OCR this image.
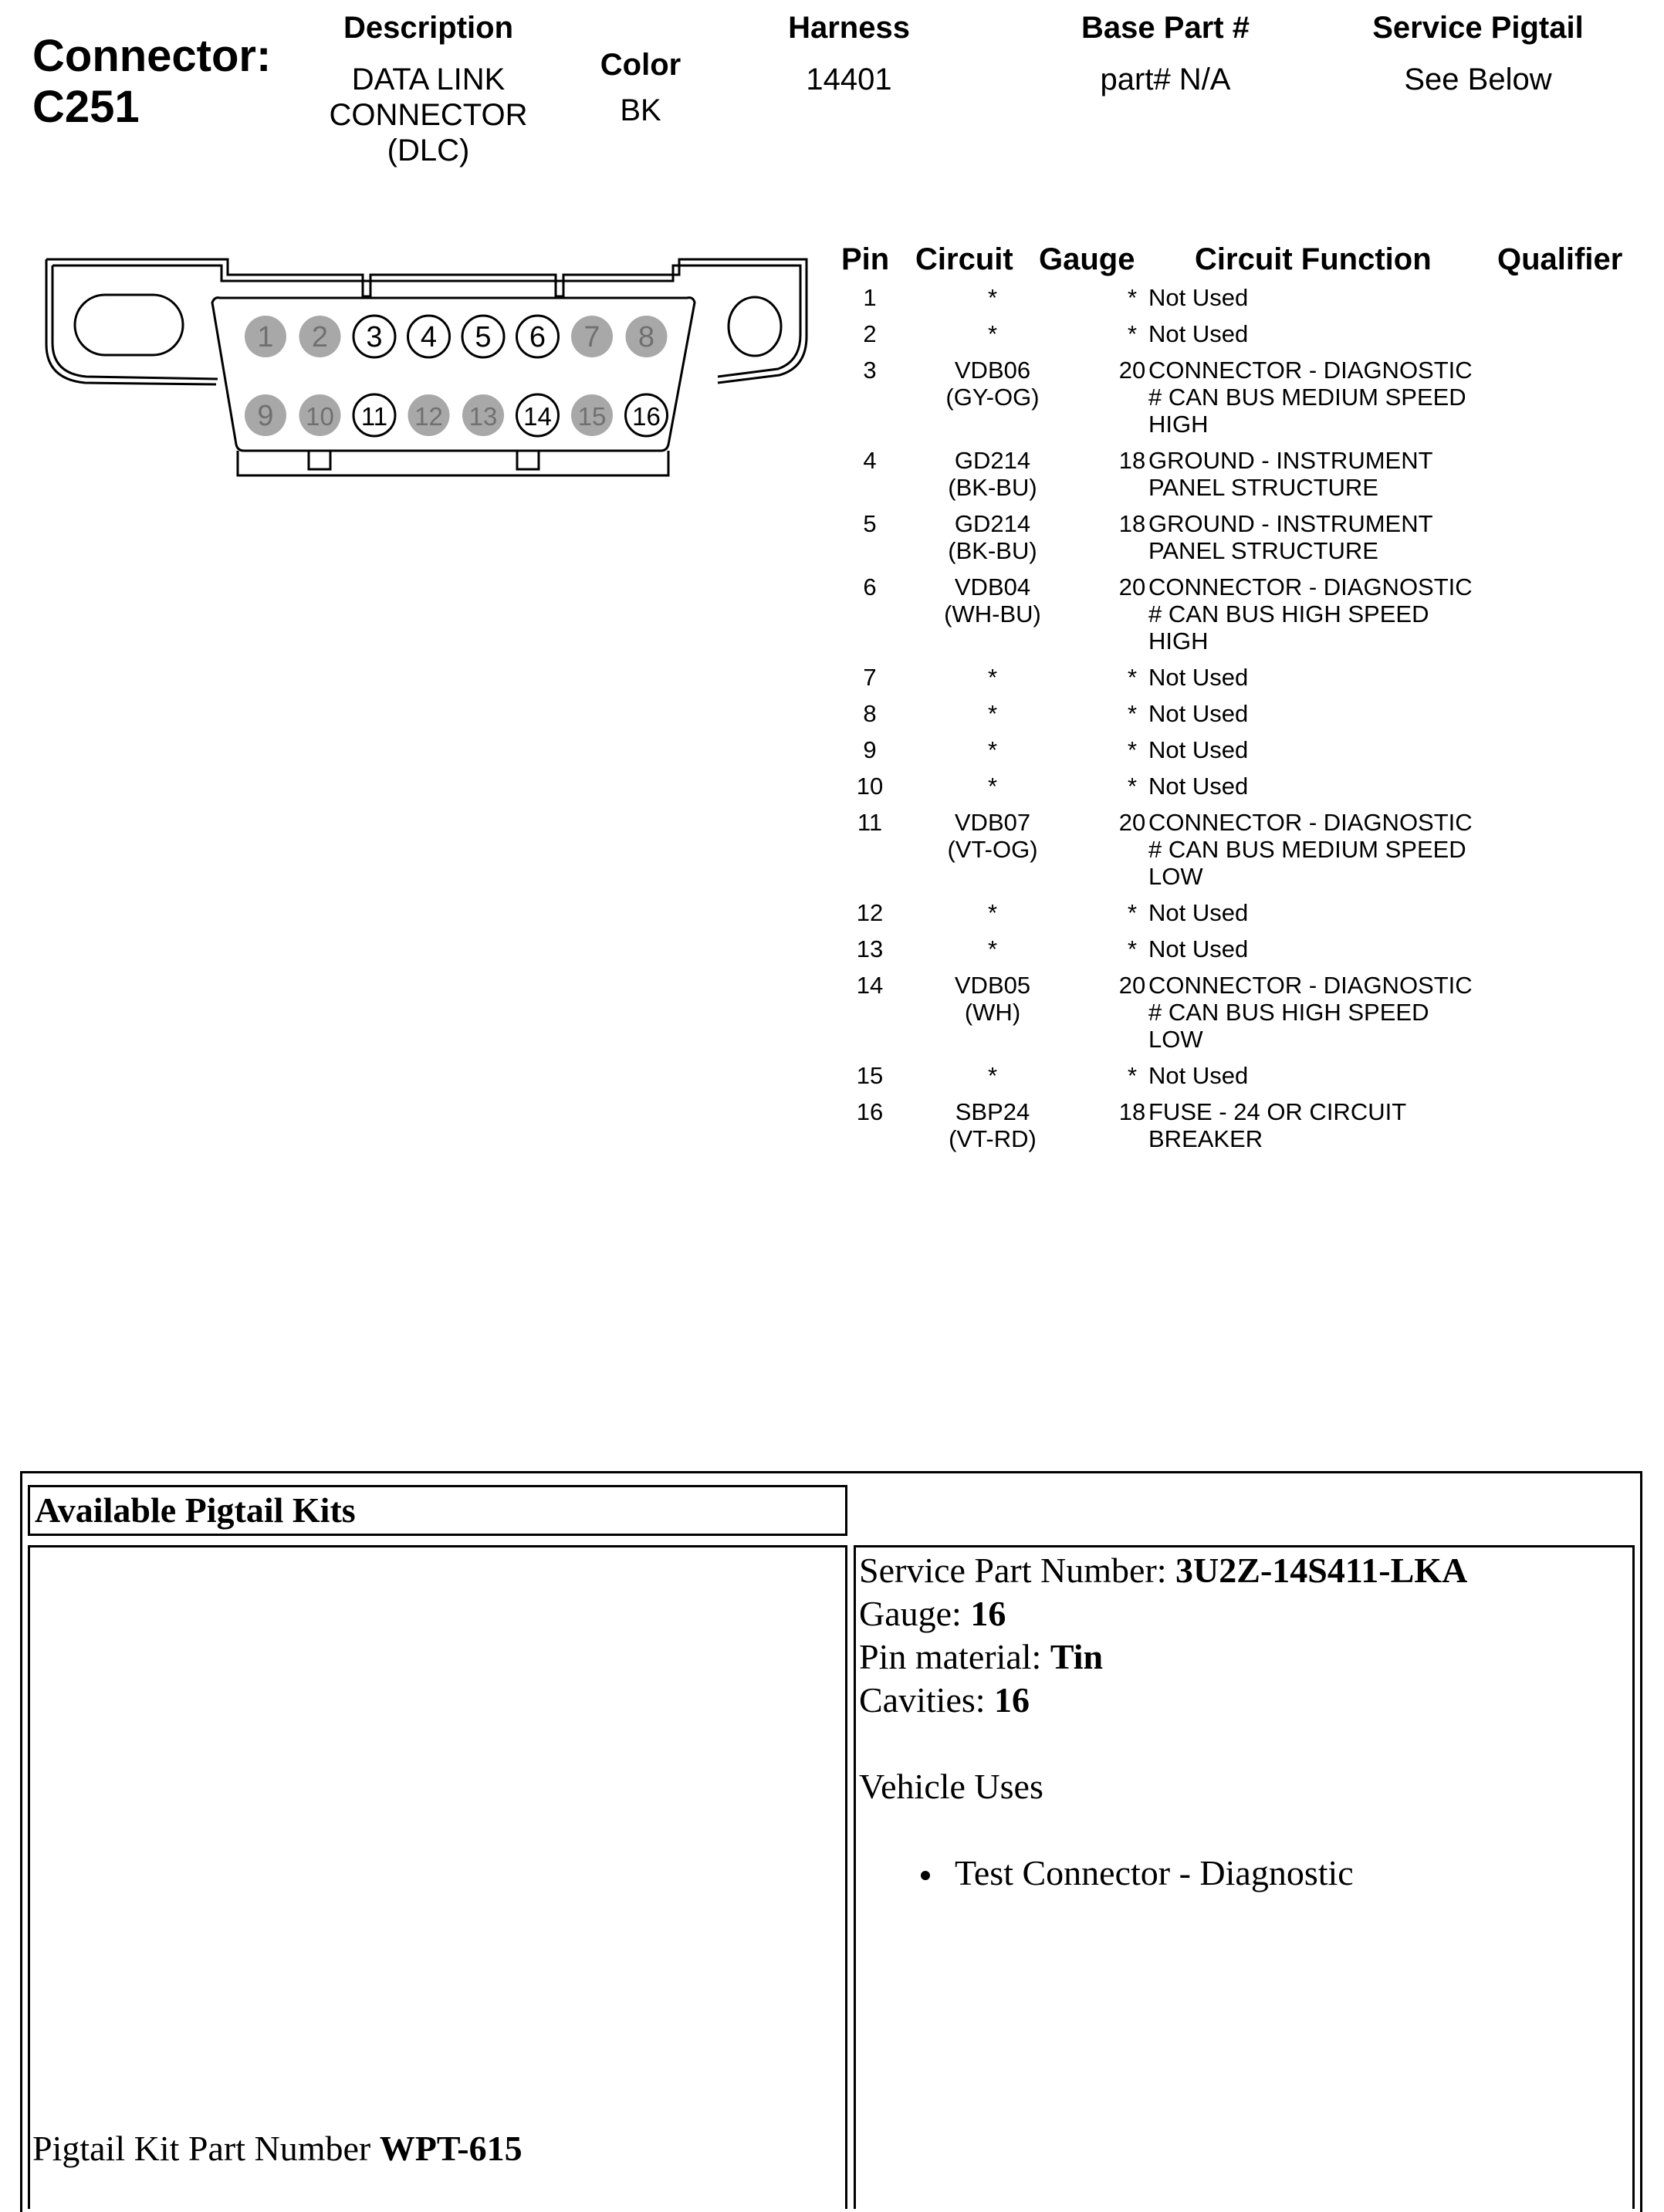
Connector:
C251
Description
DATA LINK
CONNECTOR
(DLC)
Color
BK
Harness
14401
Base Part #
part# N/A
Service Pigtail
See Below
1 2 3 4 5 6 7 8
9 10 11 12 13 14 15 16
Pin Circuit Gauge Circuit Function Qualifier
1	*	* Not Used
2	*	* Not Used
3	VDB06
(GY-OG)
20 CONNECTOR - DIAGNOSTIC
# CAN BUS MEDIUM SPEED
HIGH
4	GD214
(BK-BU)
18 GROUND - INSTRUMENT
PANEL STRUCTURE
5	GD214
(BK-BU)
18 GROUND - INSTRUMENT
PANEL STRUCTURE
6	VDB04
(WH-BU)
20 CONNECTOR - DIAGNOSTIC
# CAN BUS HIGH SPEED
HIGH
7	*	* Not Used
8	*	* Not Used
9	*	* Not Used
10	*	* Not Used
11	VDB07
(VT-OG)
20 CONNECTOR - DIAGNOSTIC
# CAN BUS MEDIUM SPEED
LOW
12	*	* Not Used
13	*	* Not Used
14	VDB05
(WH)
20 CONNECTOR - DIAGNOSTIC
# CAN BUS HIGH SPEED
LOW
15	*	* Not Used
16	SBP24
(VT-RD)
18 FUSE - 24 OR CIRCUIT
BREAKER
Available Pigtail Kits
Service Part Number: 3U2Z-14S411-LKA
Gauge: 16
Pin material: Tin
Cavities: 16
Vehicle Uses
Test Connector - Diagnostic
Pigtail Kit Part Number WPT-615
